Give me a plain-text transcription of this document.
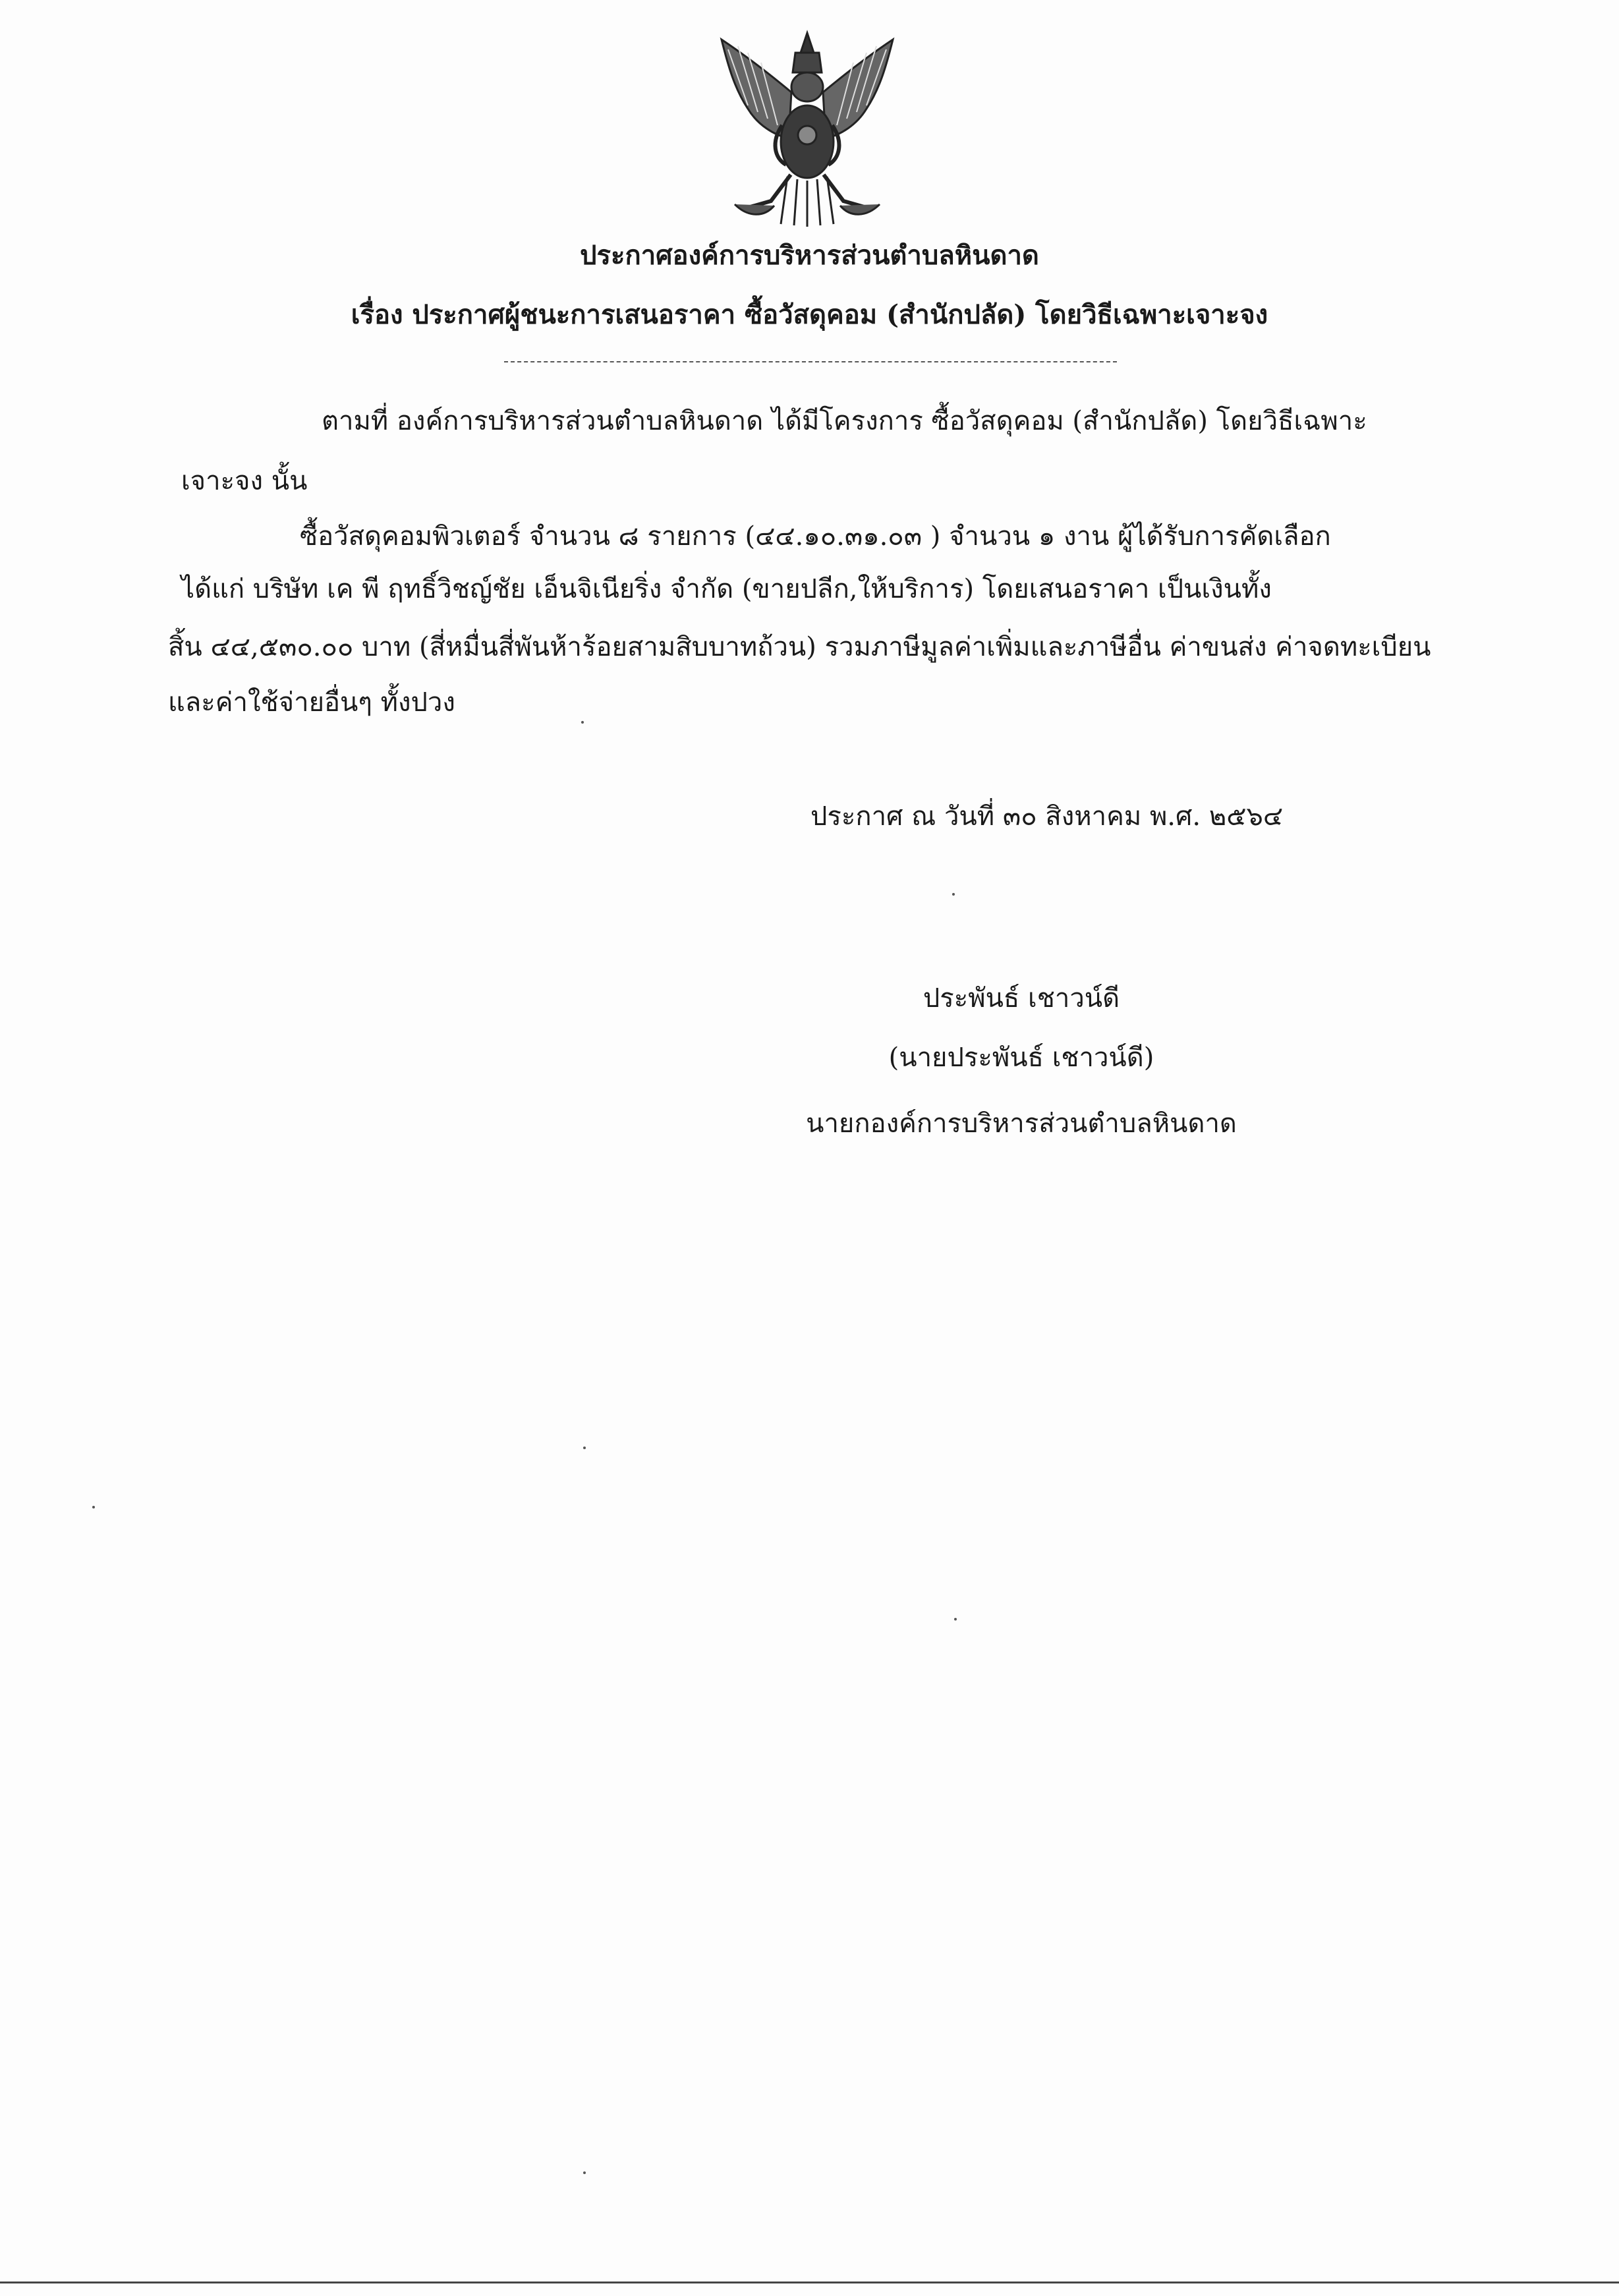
ประกาศองค์การบริหารส่วนตำบลหินดาด
เรื่อง ประกาศผู้ชนะการเสนอราคา ซื้อวัสดุคอม (สำนักปลัด) โดยวิธีเฉพาะเจาะจง
ตามที่ องค์การบริหารส่วนตำบลหินดาด ได้มีโครงการ ซื้อวัสดุคอม (สำนักปลัด) โดยวิธีเฉพาะ
เจาะจง นั้น
ซื้อวัสดุคอมพิวเตอร์ จำนวน ๘ รายการ (๔๔.๑๐.๓๑.๐๓ ) จำนวน ๑ งาน ผู้ได้รับการคัดเลือก
ได้แก่ บริษัท เค พี ฤทธิ์วิชญ์ชัย เอ็นจิเนียริ่ง จำกัด (ขายปลีก,ให้บริการ) โดยเสนอราคา เป็นเงินทั้ง
สิ้น ๔๔,๕๓๐.๐๐ บาท (สี่หมื่นสี่พันห้าร้อยสามสิบบาทถ้วน) รวมภาษีมูลค่าเพิ่มและภาษีอื่น ค่าขนส่ง ค่าจดทะเบียน
และค่าใช้จ่ายอื่นๆ ทั้งปวง
ประกาศ ณ วันที่ ๓๐ สิงหาคม พ.ศ. ๒๕๖๔
ประพันธ์ เชาวน์ดี
(นายประพันธ์ เชาวน์ดี)
นายกองค์การบริหารส่วนตำบลหินดาด
